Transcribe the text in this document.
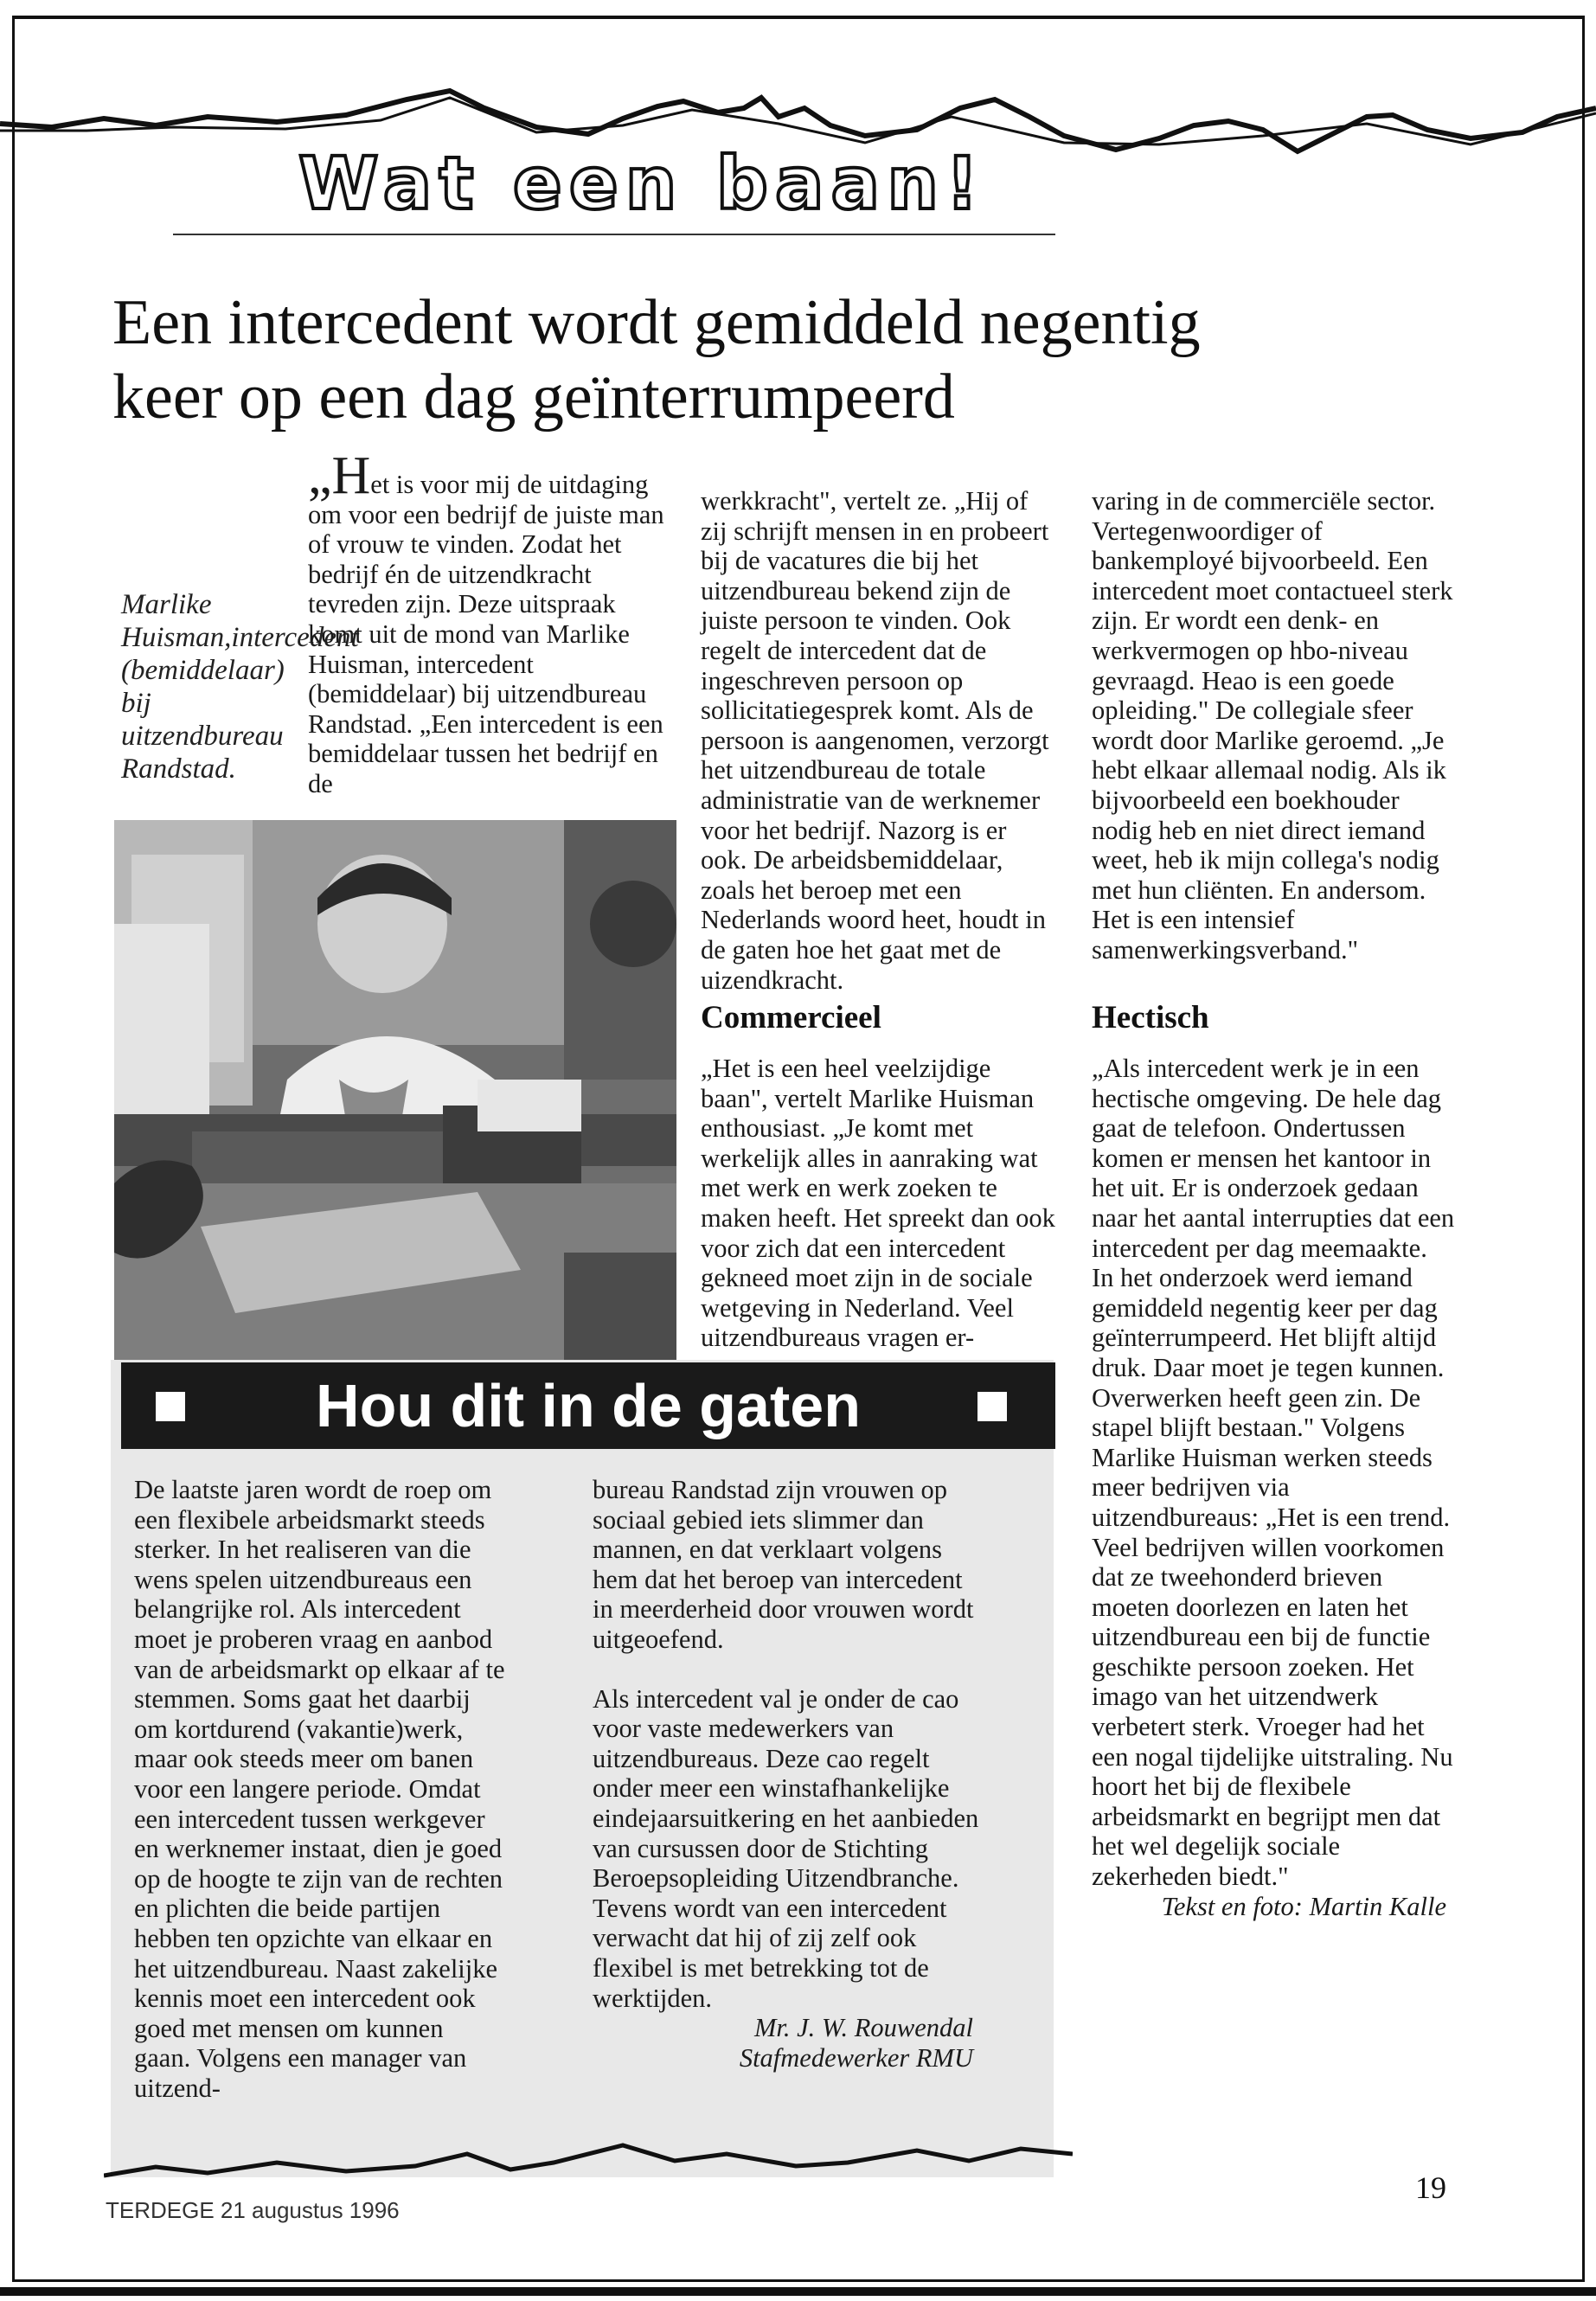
Wat een baan!
Een intercedent wordt gemiddeld negentig keer op een dag geïnterrumpeerd
Marlike Huisman,intercedent (bemiddelaar) bij uitzendbureau Randstad.

„Het is voor mij de uitdaging om voor een bedrijf de juiste man of vrouw te vinden. Zodat het bedrijf én de uitzendkracht tevreden zijn. Deze uitspraak komt uit de mond van Marlike Huisman, intercedent (bemiddelaar) bij uitzendbureau Randstad. „Een intercedent is een bemiddelaar tussen het bedrijf en de

werkkracht", vertelt ze. „Hij of zij schrijft mensen in en probeert bij de vacatures die bij het uitzendbureau bekend zijn de juiste persoon te vinden. Ook regelt de intercedent dat de ingeschreven persoon op sollicitatiegesprek komt. Als de persoon is aangenomen, verzorgt het uitzendbureau de totale administratie van de werknemer voor het bedrijf. Nazorg is er ook. De arbeidsbemiddelaar, zoals het beroep met een Nederlands woord heet, houdt in de gaten hoe het gaat met de uizendkracht.

Commercieel

„Het is een heel veelzijdige baan", vertelt Marlike Huisman enthousiast. „Je komt met werkelijk alles in aanraking wat met werk en werk zoeken te maken heeft. Het spreekt dan ook voor zich dat een intercedent gekneed moet zijn in de sociale wetgeving in Nederland. Veel uitzendbureaus vragen er-

varing in de commerciële sector. Vertegenwoordiger of bankemployé bijvoorbeeld. Een intercedent moet contactueel sterk zijn. Er wordt een denk- en werkvermogen op hbo-niveau gevraagd. Heao is een goede opleiding." De collegiale sfeer wordt door Marlike geroemd. „Je hebt elkaar allemaal nodig. Als ik bijvoorbeeld een boekhouder nodig heb en niet direct iemand weet, heb ik mijn collega's nodig met hun cliënten. En andersom. Het is een intensief samenwerkingsverband."

Hectisch

„Als intercedent werk je in een hectische omgeving. De hele dag gaat de telefoon. Ondertussen komen er mensen het kantoor in het uit. Er is onderzoek gedaan naar het aantal interrupties dat een intercedent per dag meemaakte. In het onderzoek werd iemand gemiddeld negentig keer per dag geïnterrumpeerd. Het blijft altijd druk. Daar moet je tegen kunnen. Overwerken heeft geen zin. De stapel blijft bestaan." Volgens Marlike Huisman werken steeds meer bedrijven via uitzendbureaus: „Het is een trend. Veel bedrijven willen voorkomen dat ze tweehonderd brieven moeten doorlezen en laten het uitzendbureau een bij de functie geschikte persoon zoeken. Het imago van het uitzendwerk verbetert sterk. Vroeger had het een nogal tijdelijke uitstraling. Nu hoort het bij de flexibele arbeidsmarkt en begrijpt men dat het wel degelijk sociale zekerheden biedt."

Tekst en foto: Martin Kalle

Hou dit in de gaten

De laatste jaren wordt de roep om een flexibele arbeidsmarkt steeds sterker. In het realiseren van die wens spelen uitzendbureaus een belangrijke rol. Als intercedent moet je proberen vraag en aanbod van de arbeidsmarkt op elkaar af te stemmen. Soms gaat het daarbij om kortdurend (vakantie)werk, maar ook steeds meer om banen voor een langere periode. Omdat een intercedent tussen werkgever en werknemer instaat, dien je goed op de hoogte te zijn van de rechten en plichten die beide partijen hebben ten opzichte van elkaar en het uitzendbureau. Naast zakelijke kennis moet een intercedent ook goed met mensen om kunnen gaan. Volgens een manager van uitzend-

bureau Randstad zijn vrouwen op sociaal gebied iets slimmer dan mannen, en dat verklaart volgens hem dat het beroep van intercedent in meerderheid door vrouwen wordt uitgeoefend.

Als intercedent val je onder de cao voor vaste medewerkers van uitzendbureaus. Deze cao regelt onder meer een winstafhankelijke eindejaarsuitkering en het aanbieden van cursussen door de Stichting Beroepsopleiding Uitzendbranche. Tevens wordt van een intercedent verwacht dat hij of zij zelf ook flexibel is met betrekking tot de werktijden.

Mr. J. W. Rouwendal

Stafmedewerker RMU

TERDEGE 21 augustus 1996
19
